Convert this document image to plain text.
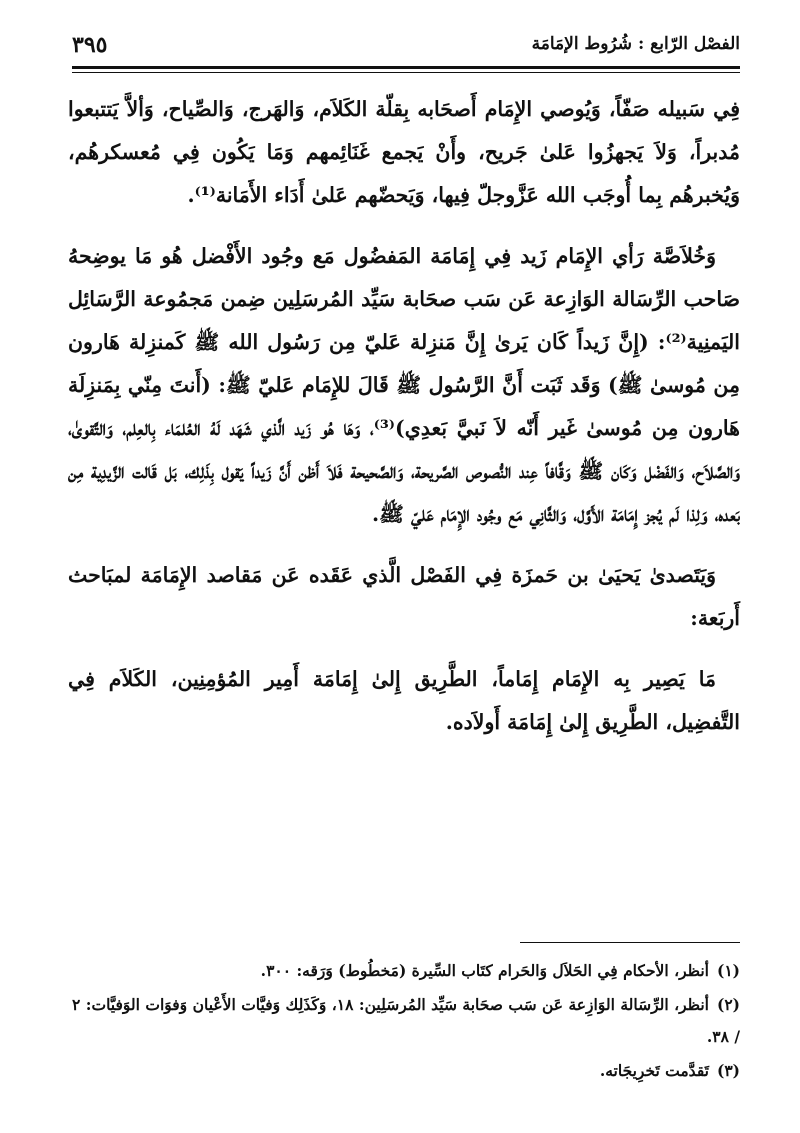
٣٩٥	الفصْل الرّابع : شُرُوط الإمَامَة

فِي سَبيله صَفّاً، وَيُوصي الإِمَام أَصحَابه بِقلّة الكَلاَم، وَالهَرج، وَالصِّياح، وَألاَّ يَتتبعوا مُدبراً، وَلاَ يَجهزُوا عَلىٰ جَريح، وأَنْ يَجمع غَنَائِمهم وَمَا يَكُون فِي مُعسكرهُم، وَيُخبرهُم بِما أُوجَب الله عَزَّوجلّ فِيها، وَيَحضّهم عَلىٰ أَدَاء الأَمَانة⁽¹⁾.

وَخُلاَصَّة رَأي الإِمَام زَيد فِي إِمَامَة المَفضُول مَع وجُود الأَفْضل هُو مَا يوضِحهُ صَاحب الرِّسَالة الوَازِعة عَن سَب صحَابة سَيِّد المُرسَلِين ضِمن مَجمُوعة الرَّسَائِل اليَمنِية⁽²⁾: (إِنَّ زَيداً كَان يَرىٰ إِنَّ مَنزِلة عَليّ مِن رَسُول الله ﷺ كَمنزِلة هَارون مِن مُوسىٰ ﷺ) وَقَد ثَبَت أَنَّ الرَّسُول ﷺ قَالَ للإِمَام عَليّ ﷺ: (أَنتَ مِنّي بِمَنزِلَة هَارون مِن مُوسىٰ غَير أَنّه لاَ نَبيَّ بَعدِي)⁽³⁾، وَهَا هُو زَيد الَّذي شَهَد لَهُ العُلمَاء بِالعِلم، وَالتَّقوىٰ، وَالصَّلاَح، وَالفَضْل وَكَان ﷺ وَقَّافاً عِند النُّصوص الصَّريحة، وَالصَّحيحة فَلاَ أَظن أَنَّ زَيداً يَقول بِذَلِك، بَل قَالت الزَّيدِية مِن بَعده، وَلِذا لَم يُجز إِمَامَة الأَوَّل، وَالثَّانِي مَع وجُود الإِمَام عَليّ ﷺ.

وَيَتَصدىٰ يَحيَىٰ بن حَمزَة فِي الفَصْل الَّذي عَقَده عَن مَقاصد الإِمَامَة لمبَاحث أَربَعة:

مَا يَصِير بِه الإِمَام إِمَاماً، الطَّرِيق إِلىٰ إِمَامَة أَمِير المُؤمِنِين، الكَلاَم فِي التَّفضِيل، الطَّرِيق إِلىٰ إِمَامَة أَولاَده.

(١)أنظر، الأحكام فِي الحَلاَل وَالحَرام كتَاب السِّيرة (مَخطُوط) وَرَقه: ٣٠٠.
(٢)أنظر، الرِّسَالة الوَازِعة عَن سَب صحَابة سَيِّد المُرسَلِين: ١٨، وَكَذَلِك وَفيَّات الأَعْيان وَفوَات الوَفيَّات: ٢ / ٣٨.
(٣)تَقدَّمت تَخرِيجَاته.
